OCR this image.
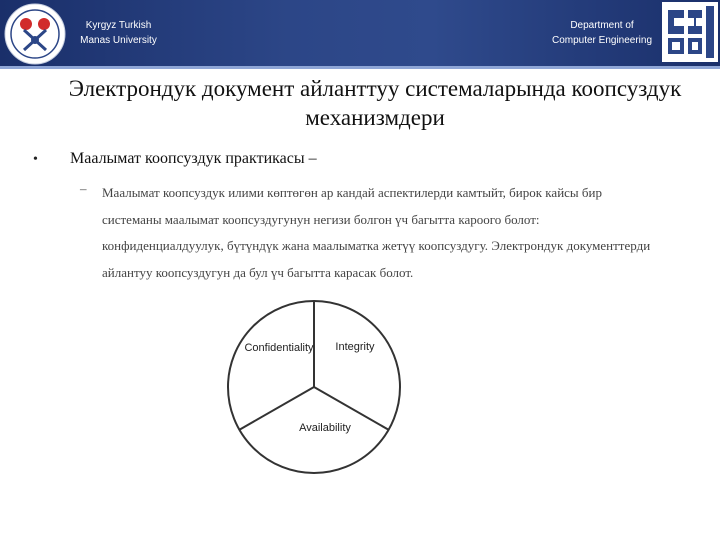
Kyrgyz Turkish
Manas University
Department of
Computer Engineering
Электрондук документ айланттуу системаларында коопсуздук механизмдери
• Маалымат коопсуздук практикасы –
– Маалымат коопсуздук илими көптөгөн ар кандай аспектилерди камтыйт, бирок кайсы бир системаны маалымат коопсуздугунун негизи болгон үч багытта кароого болот: конфиденциалдуулук, бүтүндүк жана маалыматка жетүү коопсуздугу. Электрондук документтерди айлантуу коопсуздугун да бул үч багытта карасак болот.
Confidentiality Integrity
Availability
